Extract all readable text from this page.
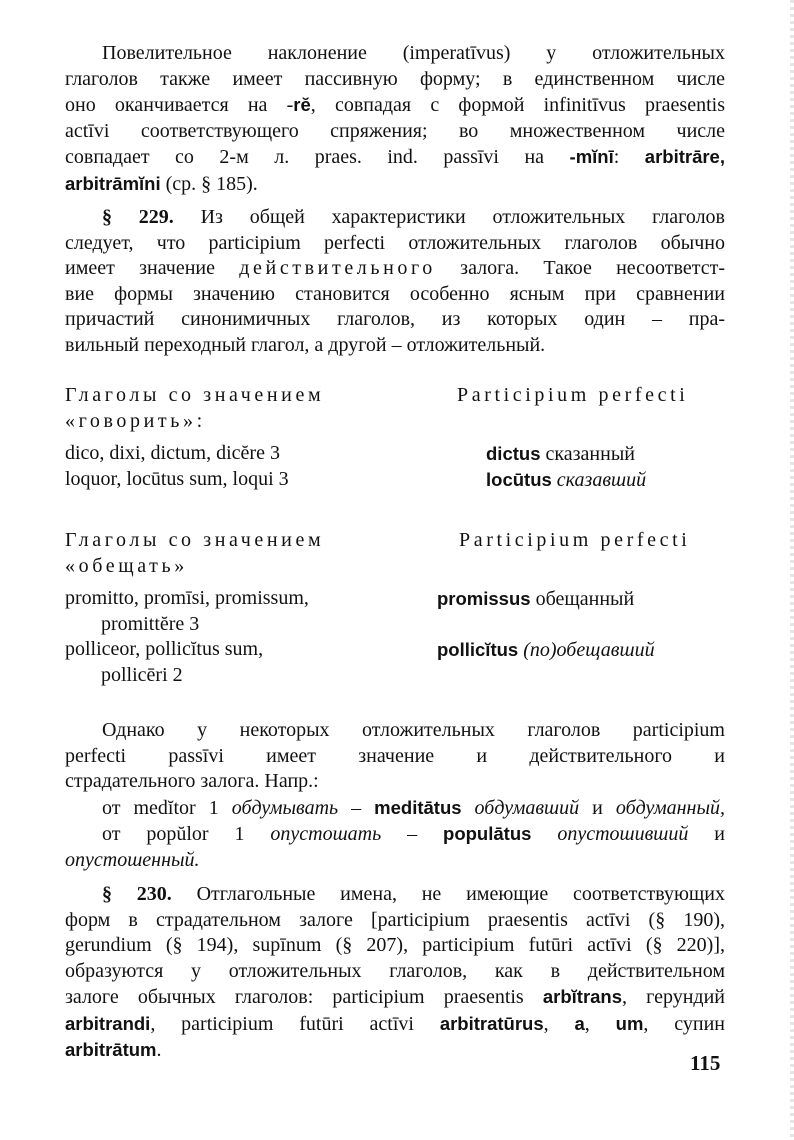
Повелительное наклонение (imperatīvus) у отложительных
глаголов также имеет пассивную форму; в единственном числе
оно оканчивается на -rĕ, совпадая с формой infinitīvus praesentis
actīvi соответствующего спряжения; во множественном числе
совпадает со 2-м л. praes. ind. passīvi на -mĭnī: arbitrāre,
arbitrāmĭni (ср. § 185).
§ 229. Из общей характеристики отложительных глаголов
следует, что participium perfecti отложительных глаголов обычно
имеет значение действительного залога. Такое несоответст-
вие формы значению становится особенно ясным при сравнении
причастий синонимичных глаголов, из которых один – пра-
вильный переходный глагол, а другой – отложительный.
Глаголы со значением	Participium perfecti
«говорить»:
dico, dixi, dictum, dicĕre 3	dictus сказанный
loquor, locūtus sum, loqui 3	locūtus сказавший
Глаголы со значением	Participium perfecti
«обещать»
promitto, promīsi, promissum,	promissus обещанный
promittĕre 3
polliceor, pollicĭtus sum,	pollicĭtus (по)обещавший
pollicēri 2
Однако у некоторых отложительных глаголов participium
perfecti passīvi имеет значение и действительного и
страдательного залога. Напр.:
от medĭtor 1 обдумывать – meditātus обдумавший и обдуманный,
от popŭlor 1 опустошать – populātus опустошивший и
опустошенный.
§ 230. Отглагольные имена, не имеющие соответствующих
форм в страдательном залоге [participium praesentis actīvi (§ 190),
gerundium (§ 194), supīnum (§ 207), participium futūri actīvi (§ 220)],
образуются у отложительных глаголов, как в действительном
залоге обычных глаголов: participium praesentis arbĭtrans, герундий
arbitrandi, participium futūri actīvi arbitratūrus, a, um, супин
arbitrātum.
115
